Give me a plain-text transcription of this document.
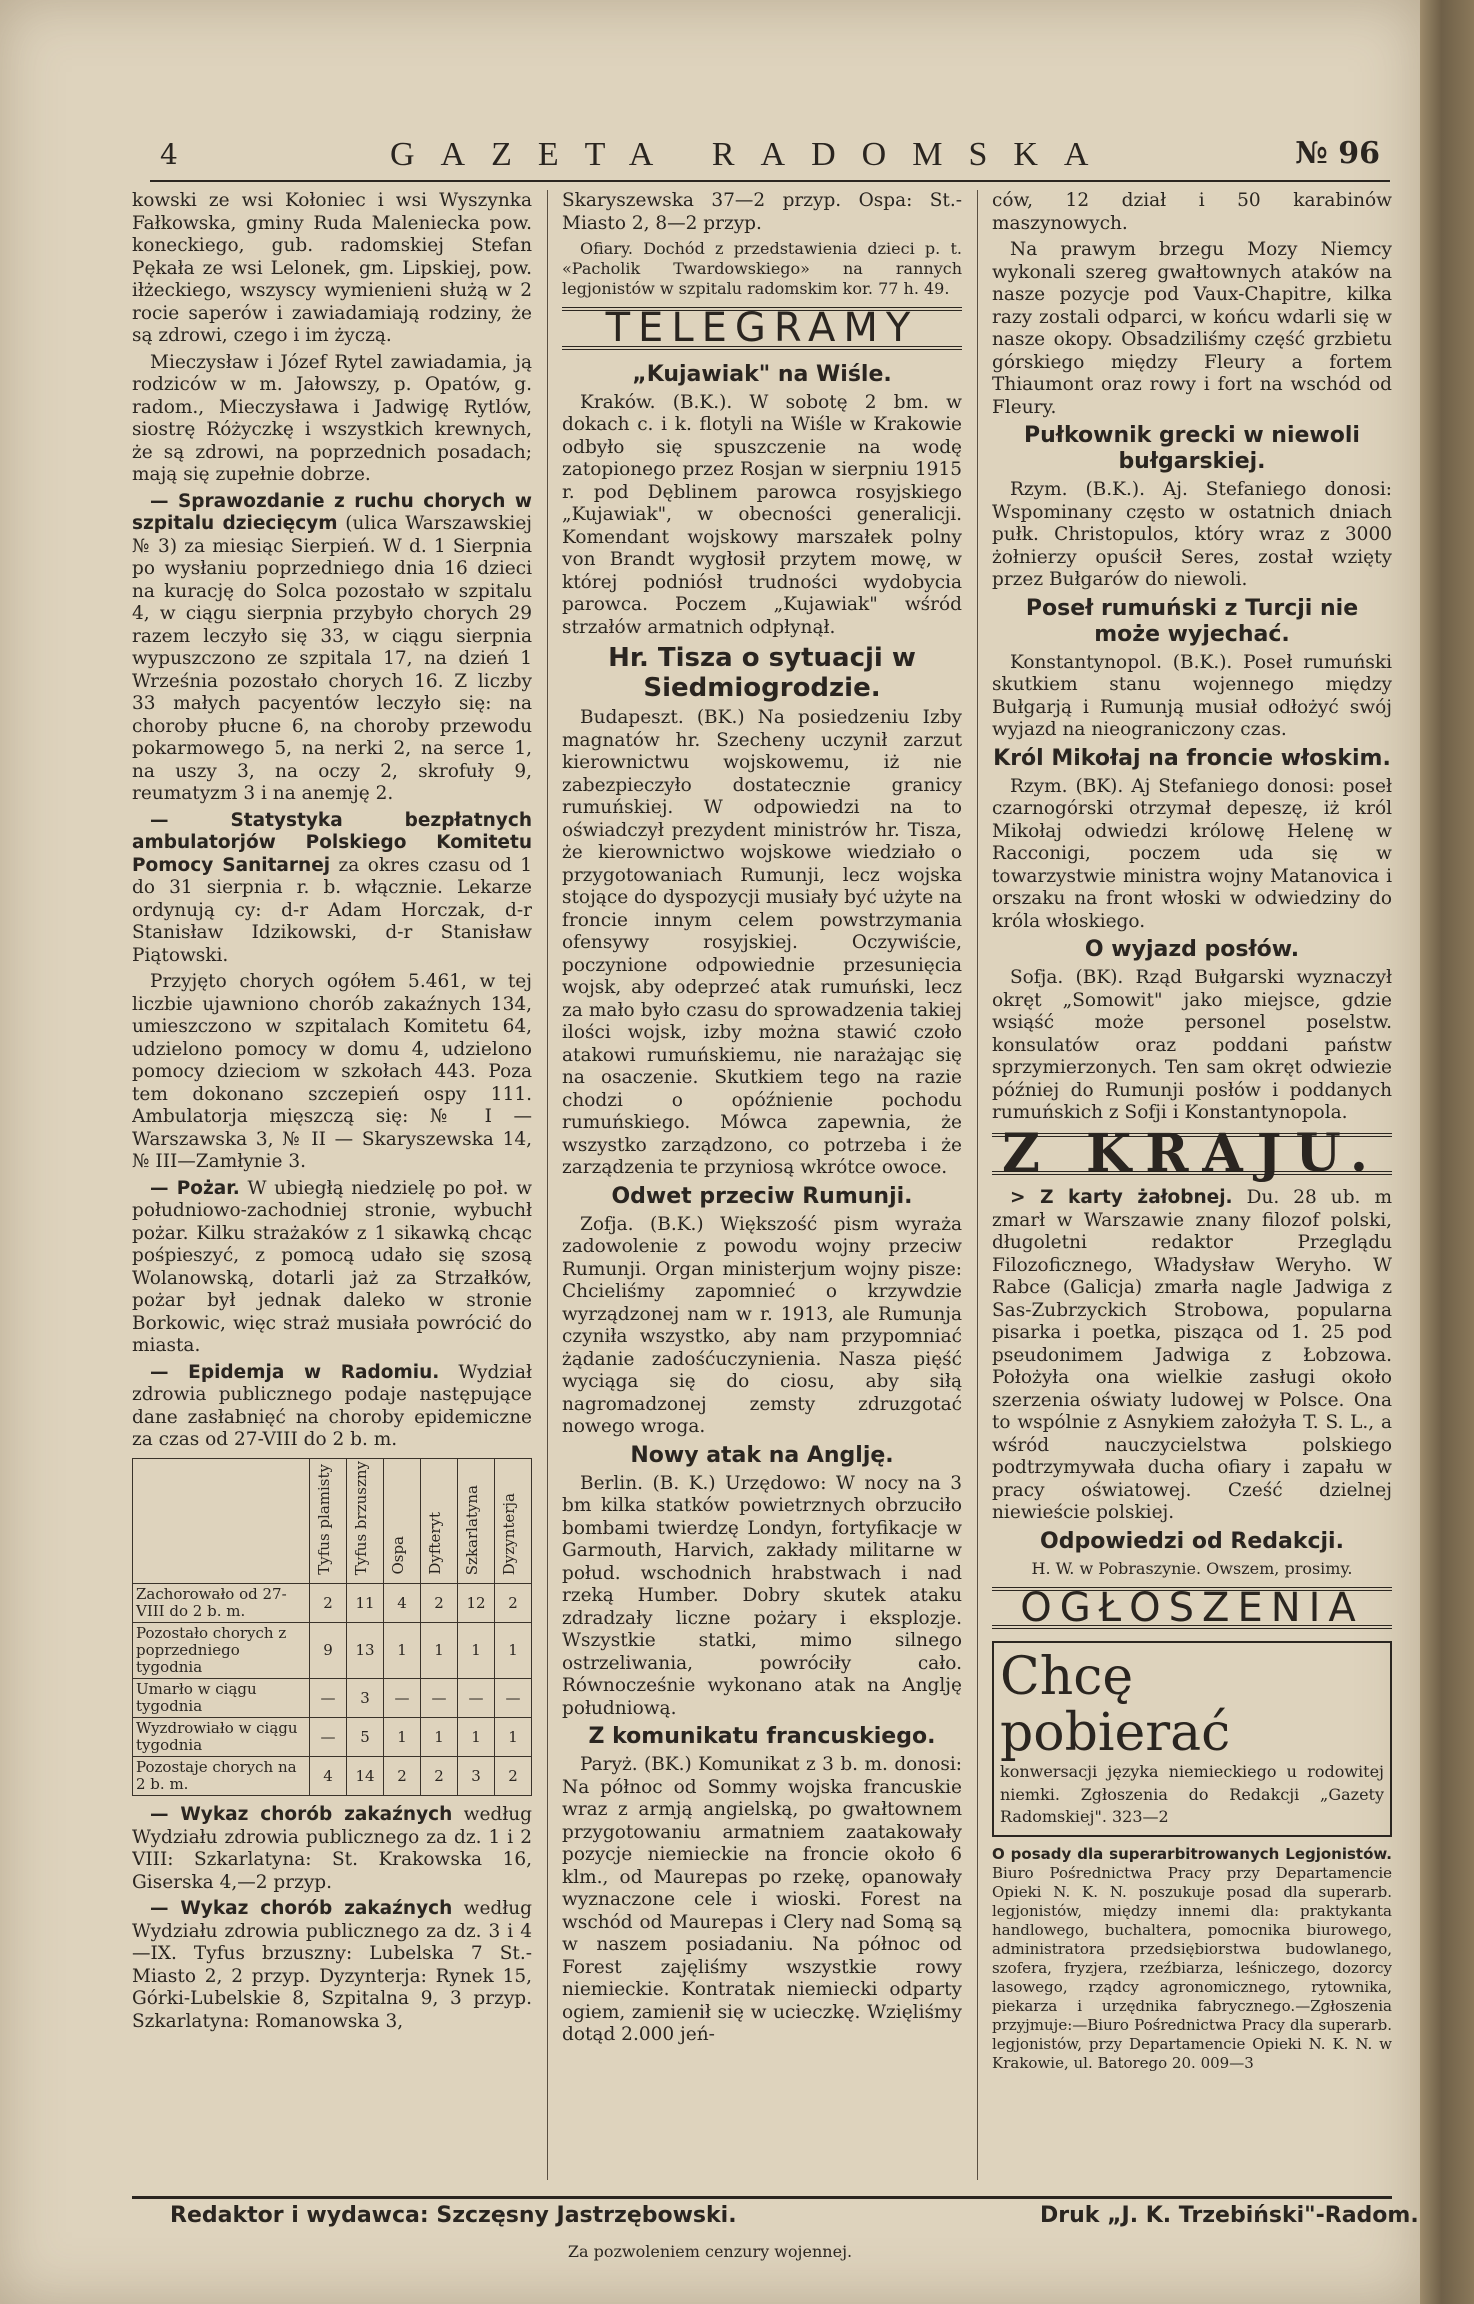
4	GAZETA RADOMSKA	№ 96

kowski ze wsi Kołoniec i wsi Wyszynka Fałkowska, gminy Ruda Maleniecka pow. koneckiego, gub. radomskiej Stefan Pękała ze wsi Lelonek, gm. Lipskiej, pow. iłżeckiego, wszyscy wymienieni służą w 2 rocie saperów i zawiadamiają rodziny, że są zdrowi, czego i im życzą.

Mieczysław i Józef Rytel zawiadamia, ją rodziców w m. Jałowszy, p. Opatów, g. radom., Mieczysława i Jadwigę Rytlów, siostrę Różyczkę i wszystkich krewnych, że są zdrowi, na poprzednich posadach; mają się zupełnie dobrze.

— Sprawozdanie z ruchu chorych w szpitalu dziecięcym (ulica Warszawskiej № 3) za miesiąc Sierpień. W d. 1 Sierpnia po wysłaniu poprzedniego dnia 16 dzieci na kurację do Solca pozostało w szpitalu 4, w ciągu sierpnia przybyło chorych 29 razem leczyło się 33, w ciągu sierpnia wypuszczono ze szpitala 17, na dzień 1 Września pozostało chorych 16. Z liczby 33 małych pacyentów leczyło się: na choroby płucne 6, na choroby przewodu pokarmowego 5, na nerki 2, na serce 1, na uszy 3, na oczy 2, skrofuły 9, reumatyzm 3 i na anemję 2.

— Statystyka bezpłatnych ambulatorjów Polskiego Komitetu Pomocy Sanitarnej za okres czasu od 1 do 31 sierpnia r. b. włącznie. Lekarze ordynują cy: d-r Adam Horczak, d-r Stanisław Idzikowski, d-r Stanisław Piątowski.

Przyjęto chorych ogółem 5.461, w tej liczbie ujawniono chorób zakaźnych 134, umieszczono w szpitalach Komitetu 64, udzielono pomocy w domu 4, udzielono pomocy dzieciom w szkołach 443. Poza tem dokonano szczepień ospy 111. Ambulatorja mięszczą się: № I — Warszawska 3, № II — Skaryszewska 14, № III—Zamłynie 3.

— Pożar. W ubiegłą niedzielę po poł. w południowo-zachodniej stronie, wybuchł pożar. Kilku strażaków z 1 sikawką chcąc pośpieszyć, z pomocą udało się szosą Wolanowską, dotarli jaż za Strzałków, pożar był jednak daleko w stronie Borkowic, więc straż musiała powrócić do miasta.

— Epidemja w Radomiu. Wydział zdrowia publicznego podaje następujące dane zasłabnięć na choroby epidemiczne za czas od 27-VIII do 2 b. m.

	Tyfus plamisty	Tyfus brzuszny	Ospa	Dyfteryt	Szkarlatyna	Dyzynterja
Zachorowało od 27-VIII do 2 b. m.	2	11	4	2	12	2
Pozostało chorych z poprzedniego tygodnia	9	13	1	1	1	1
Umarło w ciągu tygodnia	—	3	—	—	—	—
Wyzdrowiało w ciągu tygodnia	—	5	1	1	1	1
Pozostaje chorych na 2 b. m.	4	14	2	2	3	2

— Wykaz chorób zakaźnych według Wydziału zdrowia publicznego za dz. 1 i 2 VIII: Szkarlatyna: St. Krakowska 16, Giserska 4,—2 przyp.

— Wykaz chorób zakaźnych według Wydziału zdrowia publicznego za dz. 3 i 4—IX. Tyfus brzuszny: Lubelska 7 St.-Miasto 2, 2 przyp. Dyzynterja: Rynek 15, Górki-Lubelskie 8, Szpitalna 9, 3 przyp. Szkarlatyna: Romanowska 3,

Skaryszewska 37—2 przyp. Ospa: St.-Miasto 2, 8—2 przyp.

Ofiary. Dochód z przedstawienia dzieci p. t. «Pacholik Twardowskiego» na rannych legjonistów w szpitalu radomskim kor. 77 h. 49.

TELEGRAMY
„Kujawiak" na Wiśle.

Kraków. (B.K.). W sobotę 2 bm. w dokach c. i k. flotyli na Wiśle w Krakowie odbyło się spuszczenie na wodę zatopionego przez Rosjan w sierpniu 1915 r. pod Dęblinem parowca rosyjskiego „Kujawiak", w obecności generalicji. Komendant wojskowy marszałek polny von Brandt wygłosił przytem mowę, w której podniósł trudności wydobycia parowca. Poczem „Kujawiak" wśród strzałów armatnich odpłynął.

Hr. Tisza o sytuacji w Siedmiogrodzie.

Budapeszt. (BK.) Na posiedzeniu Izby magnatów hr. Szecheny uczynił zarzut kierownictwu wojskowemu, iż nie zabezpieczyło dostatecznie granicy rumuńskiej. W odpowiedzi na to oświadczył prezydent ministrów hr. Tisza, że kierownictwo wojskowe wiedziało o przygotowaniach Rumunji, lecz wojska stojące do dyspozycji musiały być użyte na froncie innym celem powstrzymania ofensywy rosyjskiej. Oczywiście, poczynione odpowiednie przesunięcia wojsk, aby odeprzeć atak rumuński, lecz za mało było czasu do sprowadzenia takiej ilości wojsk, izby można stawić czoło atakowi rumuńskiemu, nie narażając się na osaczenie. Skutkiem tego na razie chodzi o opóźnienie pochodu rumuńskiego. Mówca zapewnia, że wszystko zarządzono, co potrzeba i że zarządzenia te przyniosą wkrótce owoce.

Odwet przeciw Rumunji.

Zofja. (B.K.) Większość pism wyraża zadowolenie z powodu wojny przeciw Rumunji. Organ ministerjum wojny pisze: Chcieliśmy zapomnieć o krzywdzie wyrządzonej nam w r. 1913, ale Rumunja czyniła wszystko, aby nam przypomniać żądanie zadośćuczynienia. Nasza pięść wyciąga się do ciosu, aby siłą nagromadzonej zemsty zdruzgotać nowego wroga.

Nowy atak na Anglję.

Berlin. (B. K.) Urzędowo: W nocy na 3 bm kilka statków powietrznych obrzuciło bombami twierdzę Londyn, fortyfikacje w Garmouth, Harvich, zakłady militarne w połud. wschodnich hrabstwach i nad rzeką Humber. Dobry skutek ataku zdradzały liczne pożary i eksplozje. Wszystkie statki, mimo silnego ostrzeliwania, powróciły cało. Równocześnie wykonano atak na Anglję południową.

Z komunikatu francuskiego.

Paryż. (BK.) Komunikat z 3 b. m. donosi: Na północ od Sommy wojska francuskie wraz z armją angielską, po gwałtownem przygotowaniu armatniem zaatakowały pozycje niemieckie na froncie około 6 klm., od Maurepas po rzekę, opanowały wyznaczone cele i wioski. Forest na wschód od Maurepas i Clery nad Somą są w naszem posiadaniu. Na północ od Forest zajęliśmy wszystkie rowy niemieckie. Kontratak niemiecki odparty ogiem, zamienił się w ucieczkę. Wzięliśmy dotąd 2.000 jeń-

ców, 12 dział i 50 karabinów maszynowych.

Na prawym brzegu Mozy Niemcy wykonali szereg gwałtownych ataków na nasze pozycje pod Vaux-Chapitre, kilka razy zostali odparci, w końcu wdarli się w nasze okopy. Obsadziliśmy część grzbietu górskiego między Fleury a fortem Thiaumont oraz rowy i fort na wschód od Fleury.

Pułkownik grecki w niewoli bułgarskiej.

Rzym. (B.K.). Aj. Stefaniego donosi: Wspominany często w ostatnich dniach pułk. Christopulos, który wraz z 3000 żołnierzy opuścił Seres, został wzięty przez Bułgarów do niewoli.

Poseł rumuński z Turcji nie może wyjechać.

Konstantynopol. (B.K.). Poseł rumuński skutkiem stanu wojennego między Bułgarją i Rumunją musiał odłożyć swój wyjazd na nieograniczony czas.

Król Mikołaj na froncie włoskim.

Rzym. (BK). Aj Stefaniego donosi: poseł czarnogórski otrzymał depeszę, iż król Mikołaj odwiedzi królowę Helenę w Racconigi, poczem uda się w towarzystwie ministra wojny Matanovica i orszaku na front włoski w odwiedziny do króla włoskiego.

O wyjazd posłów.

Sofja. (BK). Rząd Bułgarski wyznaczył okręt „Somowit" jako miejsce, gdzie wsiąść może personel poselstw. konsulatów oraz poddani państw sprzymierzonych. Ten sam okręt odwiezie później do Rumunji posłów i poddanych rumuńskich z Sofji i Konstantynopola.

Z KRAJU.

> Z karty żałobnej. Du. 28 ub. m zmarł w Warszawie znany filozof polski, długoletni redaktor Przeglądu Filozoficznego, Władysław Weryho. W Rabce (Galicja) zmarła nagle Jadwiga z Sas-Zubrzyckich Strobowa, popularna pisarka i poetka, pisząca od 1. 25 pod pseudonimem Jadwiga z Łobzowa. Położyła ona wielkie zasługi około szerzenia oświaty ludowej w Polsce. Ona to wspólnie z Asnykiem założyła T. S. L., a wśród nauczycielstwa polskiego podtrzymywała ducha ofiary i zapału w pracy oświatowej. Cześć dzielnej niewieście polskiej.

Odpowiedzi od Redakcji.

H. W. w Pobraszynie. Owszem, prosimy.

OGŁOSZENIA
Chcę pobierać
konwersacji języka niemieckiego u rodowitej niemki. Zgłoszenia do Redakcji „Gazety Radomskiej". 323—2

O posady dla superarbitrowanych Legjonistów. Biuro Pośrednictwa Pracy przy Departamencie Opieki N. K. N. poszukuje posad dla superarb. legjonistów, między innemi dla: praktykanta handlowego, buchaltera, pomocnika biurowego, administratora przedsiębiorstwa budowlanego, szofera, fryzjera, rzeźbiarza, leśniczego, dozorcy lasowego, rządcy agronomicznego, rytownika, piekarza i urzędnika fabrycznego.—Zgłoszenia przyjmuje:—Biuro Pośrednictwa Pracy dla superarb. legjonistów, przy Departamencie Opieki N. K. N. w Krakowie, ul. Batorego 20. 009—3

Redaktor i wydawca: Szczęsny Jastrzębowski.	Druk „J. K. Trzebiński"-Radom.
Za pozwoleniem cenzury wojennej.
